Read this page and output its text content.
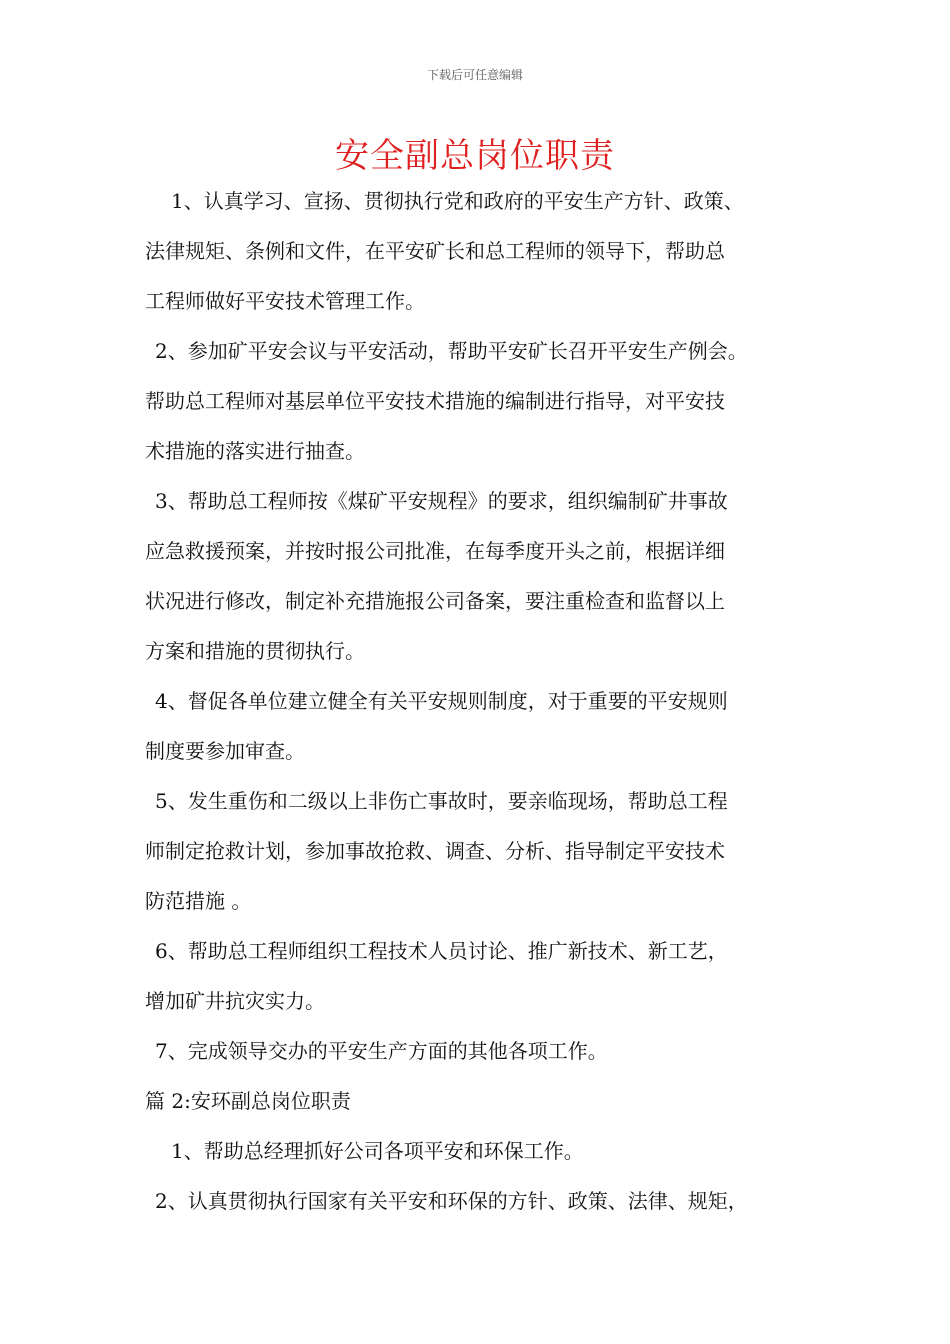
下载后可任意编辑
安全副总岗位职责
1、认真学习、宣扬、贯彻执行党和政府的平安生产方针、政策、
法律规矩、条例和文件，在平安矿长和总工程师的领导下，帮助总
工程师做好平安技术管理工作。
2、参加矿平安会议与平安活动，帮助平安矿长召开平安生产例会。
帮助总工程师对基层单位平安技术措施的编制进行指导，对平安技
术措施的落实进行抽查。
3、帮助总工程师按《煤矿平安规程》的要求，组织编制矿井事故
应急救援预案，并按时报公司批准，在每季度开头之前，根据详细
状况进行修改，制定补充措施报公司备案，要注重检查和监督以上
方案和措施的贯彻执行。
4、督促各单位建立健全有关平安规则制度，对于重要的平安规则
制度要参加审查。
5、发生重伤和二级以上非伤亡事故时，要亲临现场，帮助总工程
师制定抢救计划，参加事故抢救、调查、分析、指导制定平安技术
防范措施 。
6、帮助总工程师组织工程技术人员讨论、推广新技术、新工艺，
增加矿井抗灾实力。
7、完成领导交办的平安生产方面的其他各项工作。
篇 2:安环副总岗位职责
1、帮助总经理抓好公司各项平安和环保工作。
2、认真贯彻执行国家有关平安和环保的方针、政策、法律、规矩，
